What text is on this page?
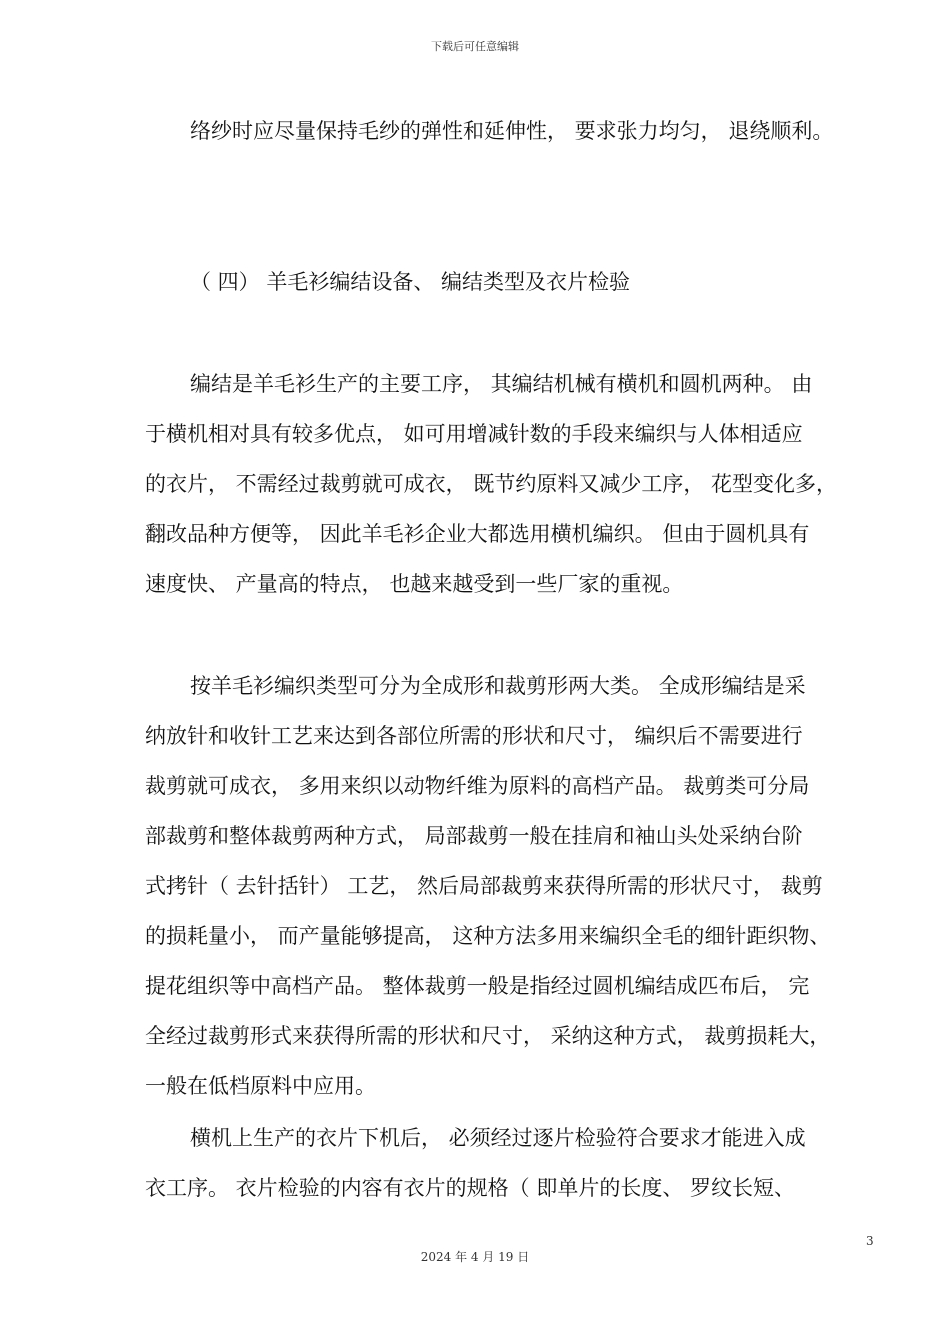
下载后可任意编辑
络纱时应尽量保持毛纱的弹性和延伸性， 要求张力均匀， 退绕顺利。
（ 四） 羊毛衫编结设备、 编结类型及衣片检验
编结是羊毛衫生产的主要工序， 其编结机械有横机和圆机两种。 由
于横机相对具有较多优点， 如可用增减针数的手段来编织与人体相适应
的衣片， 不需经过裁剪就可成衣， 既节约原料又减少工序， 花型变化多，
翻改品种方便等， 因此羊毛衫企业大都选用横机编织。 但由于圆机具有
速度快、 产量高的特点， 也越来越受到一些厂家的重视。
按羊毛衫编织类型可分为全成形和裁剪形两大类。 全成形编结是采
纳放针和收针工艺来达到各部位所需的形状和尺寸， 编织后不需要进行
裁剪就可成衣， 多用来织以动物纤维为原料的高档产品。 裁剪类可分局
部裁剪和整体裁剪两种方式， 局部裁剪一般在挂肩和袖山头处采纳台阶
式拷针（ 去针括针） 工艺， 然后局部裁剪来获得所需的形状尺寸， 裁剪
的损耗量小， 而产量能够提高， 这种方法多用来编织全毛的细针距织物、
提花组织等中高档产品。 整体裁剪一般是指经过圆机编结成匹布后， 完
全经过裁剪形式来获得所需的形状和尺寸， 采纳这种方式， 裁剪损耗大，
一般在低档原料中应用。
横机上生产的衣片下机后， 必须经过逐片检验符合要求才能进入成
衣工序。 衣片检验的内容有衣片的规格（ 即单片的长度、 罗纹长短、
3
2024 年 4 月 19 日
